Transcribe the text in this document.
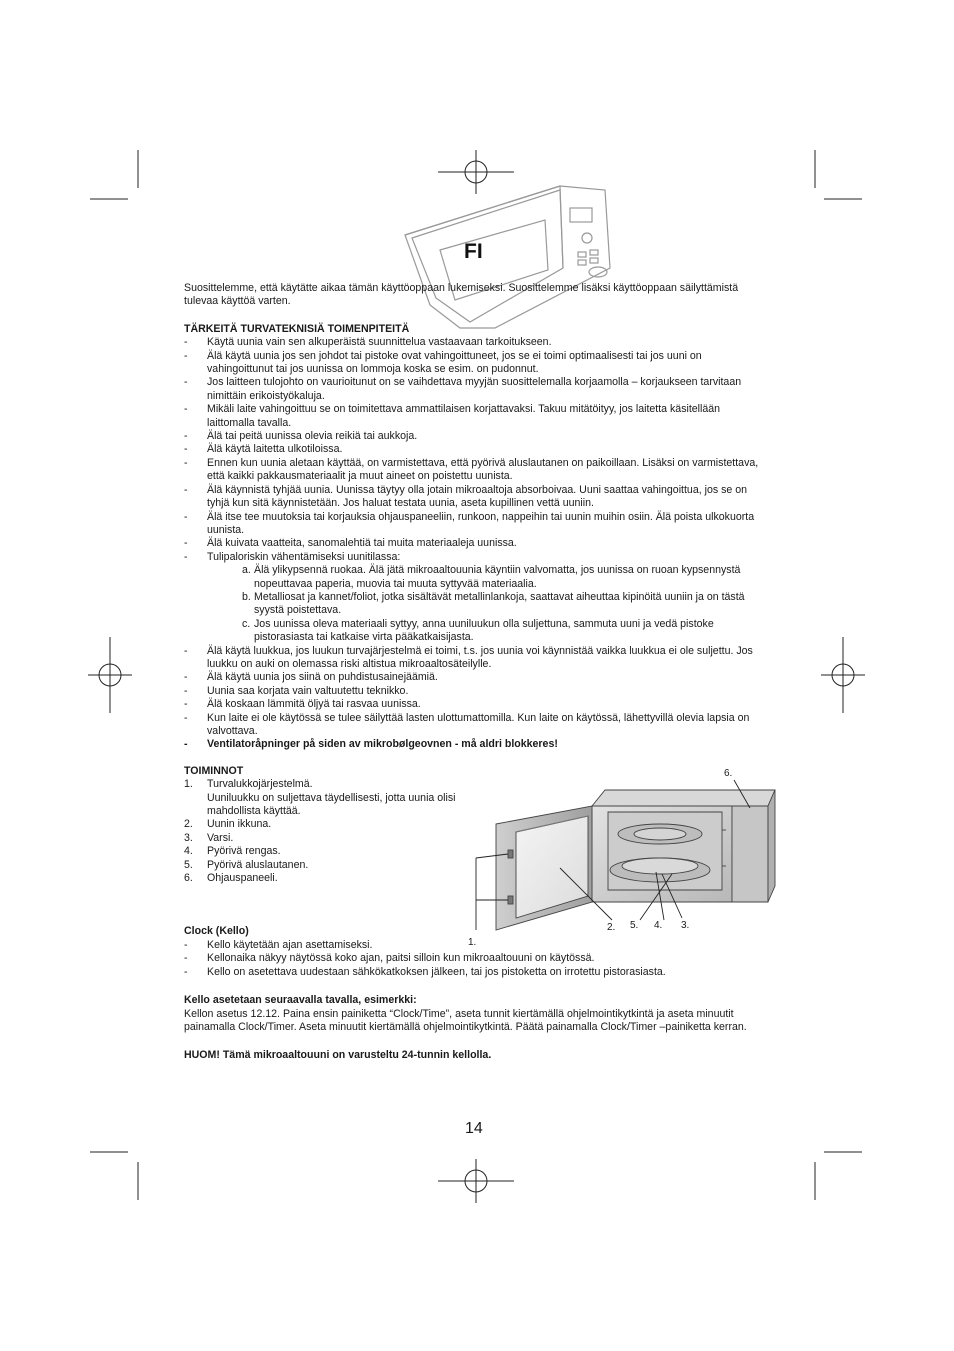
FI

Suosittelemme, että käytätte aikaa tämän käyttöoppaan lukemiseksi. Suosittelemme lisäksi käyttöoppaan säilyttämistä tulevaa käyttöä varten.

TÄRKEITÄ TURVATEKNISIÄ TOIMENPITEITÄ

- Käytä uunia vain sen alkuperäistä suunnittelua vastaavaan tarkoitukseen.
- Älä käytä uunia jos sen johdot tai pistoke ovat vahingoittuneet, jos se ei toimi optimaalisesti tai jos uuni on vahingoittunut tai jos uunissa on lommoja koska se esim. on pudonnut.
- Jos laitteen tulojohto on vaurioitunut on se vaihdettava myyjän suosittelemalla korjaamolla – korjaukseen tarvitaan nimittäin erikoistyökaluja.
- Mikäli laite vahingoittuu se on toimitettava ammattilaisen korjattavaksi. Takuu mitätöityy, jos laitetta käsitellään laittomalla tavalla.
- Älä tai peitä uunissa olevia reikiä tai aukkoja.
- Älä käytä laitetta ulkotiloissa.
- Ennen kun uunia aletaan käyttää, on varmistettava, että pyörivä aluslautanen on paikoillaan. Lisäksi on varmistettava, että kaikki pakkausmateriaalit ja muut aineet on poistettu uunista.
- Älä käynnistä tyhjää uunia. Uunissa täytyy olla jotain mikroaaltoja absorboivaa. Uuni saattaa vahingoittua, jos se on tyhjä kun sitä käynnistetään. Jos haluat testata uunia, aseta kupillinen vettä uuniin.
- Älä itse tee muutoksia tai korjauksia ohjauspaneeliin, runkoon, nappeihin tai uunin muihin osiin. Älä poista ulkokuorta uunista.
- Älä kuivata vaatteita, sanomalehtiä tai muita materiaaleja uunissa.
- Tulipaloriskin vähentämiseksi uunitilassa:
a. Älä ylikypsennä ruokaa. Älä jätä mikroaaltouunia käyntiin valvomatta, jos uunissa on ruoan kypsennystä nopeuttavaa paperia, muovia tai muuta syttyvää materiaalia.
b. Metalliosat ja kannet/foliot, jotka sisältävät metallinlankoja, saattavat aiheuttaa kipinöitä uuniin ja on tästä syystä poistettava.
c. Jos uunissa oleva materiaali syttyy, anna uuniluukun olla suljettuna, sammuta uuni ja vedä pistoke pistorasiasta tai katkaise virta pääkatkaisijasta.
- Älä käytä luukkua, jos luukun turvajärjestelmä ei toimi, t.s. jos uunia voi käynnistää vaikka luukkua ei ole suljettu. Jos luukku on auki on olemassa riski altistua mikroaaltosäteilylle.
- Älä käytä uunia jos siinä on puhdistusainejäämiä.
- Uunia saa korjata vain valtuutettu teknikko.
- Älä koskaan lämmitä öljyä tai rasvaa uunissa.
- Kun laite ei ole käytössä se tulee säilyttää lasten ulottumattomilla. Kun laite on käytössä, lähettyvillä olevia lapsia on valvottava.
- Ventilatoråpninger på siden av mikrobølgeovnen - må aldri blokkeres!

TOIMINNOT

1. Turvalukkojärjestelmä.
Uuniluukku on suljettava täydellisesti, jotta uunia olisi mahdollista käyttää.
2. Uunin ikkuna.
3. Varsi.
4. Pyörivä rengas.
5. Pyörivä aluslautanen.
6. Ohjauspaneeli.

Clock (Kello)

- Kello käytetään ajan asettamiseksi.
- Kellonaika näkyy näytössä koko ajan, paitsi silloin kun mikroaaltouuni on käytössä.
- Kello on asetettava uudestaan sähkökatkoksen jälkeen, tai jos pistoketta on irrotettu pistorasiasta.

Kello asetetaan seuraavalla tavalla, esimerkki:

Kellon asetus 12.12. Paina ensin painiketta “Clock/Time”, aseta tunnit kiertämällä ohjelmointikytkintä ja aseta minuutit painamalla Clock/Timer. Aseta minuutit kiertämällä ohjelmointikytkintä. Päätä painamalla Clock/Timer –painiketta kerran.

HUOM! Tämä mikroaaltouuni on varusteltu 24-tunnin kellolla.

1.
2. 5. 4. 3.
6.
14
